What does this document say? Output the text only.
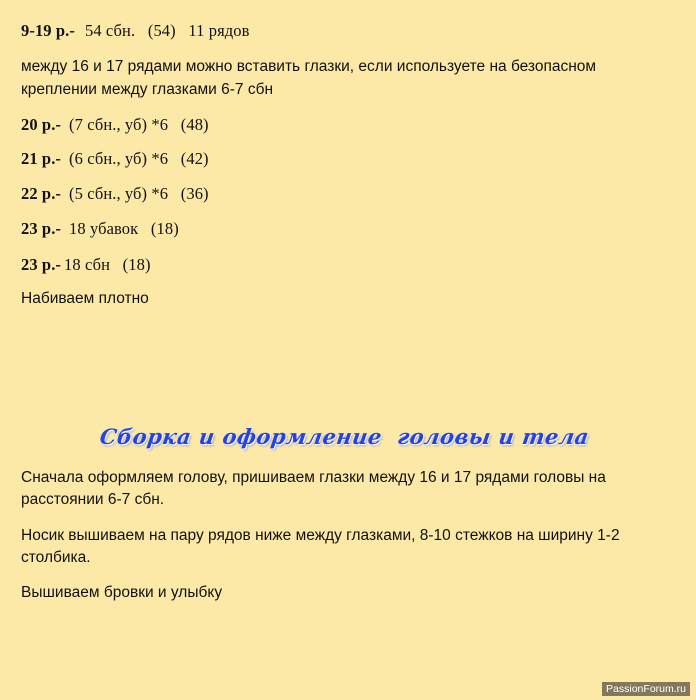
9-19 р.- 54 сбн.   (54)   11 рядов
между 16 и 17 рядами можно вставить глазки, если используете на безопасном
креплении между глазками 6-7 сбн
20 р.- (7 сбн., уб) *6   (48)
21 р.- (6 сбн., уб) *6   (42)
22 р.- (5 сбн., уб) *6   (36)
23 р.- 18 убавок   (18)
23 р.- 18 сбн   (18)
Набиваем плотно
Сборка и оформление  головы и тела
Сначала оформляем голову, пришиваем глазки между 16 и 17 рядами головы на
расстоянии 6-7 сбн.
Носик вышиваем на пару рядов ниже между глазками, 8-10 стежков на ширину 1-2
столбика.
Вышиваем бровки и улыбку
PassionForum.ru
